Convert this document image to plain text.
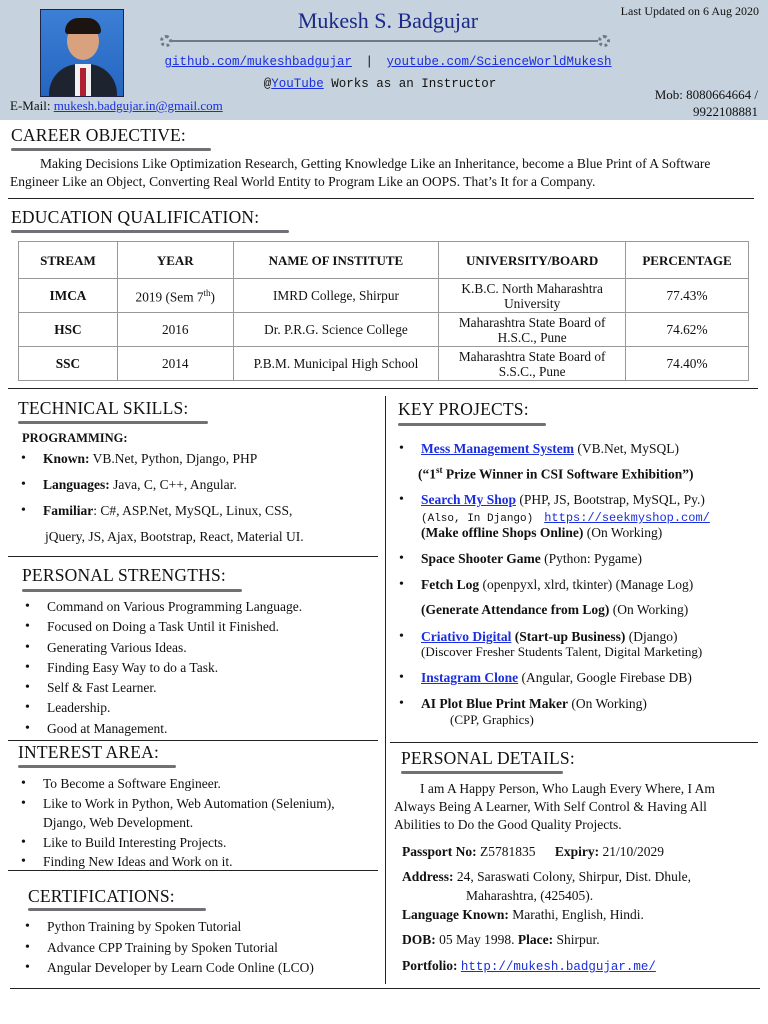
Mukesh S. Badgujar	Last Updated on 6 Aug 2020
github.com/mukeshbadgujar | youtube.com/ScienceWorldMukesh
@YouTube Works as an Instructor
Mob: 8080664664 /
9922108881
E-Mail: mukesh.badgujar.in@gmail.com
CAREER OBJECTIVE:
Making Decisions Like Optimization Research, Getting Knowledge Like an Inheritance, become a Blue Print of A Software Engineer Like an Object, Converting Real World Entity to Program Like an OOPS. That’s It for a Company.
EDUCATION QUALIFICATION:
STREAM	YEAR	NAME OF INSTITUTE	UNIVERSITY/BOARD	PERCENTAGE
IMCA	2019 (Sem 7th)	IMRD College, Shirpur	K.B.C. North Maharashtra University	77.43%
HSC	2016	Dr. P.R.G. Science College	Maharashtra State Board of H.S.C., Pune	74.62%
SSC	2014	P.B.M. Municipal High School	Maharashtra State Board of S.S.C., Pune	74.40%
TECHNICAL SKILLS:
PROGRAMMING:
• Known: VB.Net, Python, Django, PHP
• Languages: Java, C, C++, Angular.
• Familiar: C#, ASP.Net, MySQL, Linux, CSS,
jQuery, JS, Ajax, Bootstrap, React, Material UI.
PERSONAL STRENGTHS:
• Command on Various Programming Language.
• Focused on Doing a Task Until it Finished.
• Generating Various Ideas.
• Finding Easy Way to do a Task.
• Self & Fast Learner.
• Leadership.
• Good at Management.
INTEREST AREA:
• To Become a Software Engineer.
• Like to Work in Python, Web Automation (Selenium), Django, Web Development.
• Like to Build Interesting Projects.
• Finding New Ideas and Work on it.
CERTIFICATIONS:
• Python Training by Spoken Tutorial
• Advance CPP Training by Spoken Tutorial
• Angular Developer by Learn Code Online (LCO)
KEY PROJECTS:
• Mess Management System (VB.Net, MySQL)
(“1st Prize Winner in CSI Software Exhibition”)
• Search My Shop (PHP, JS, Bootstrap, MySQL, Py.)
(Also, In Django) https://seekmyshop.com/
(Make offline Shops Online) (On Working)
• Space Shooter Game (Python: Pygame)
• Fetch Log (openpyxl, xlrd, tkinter) (Manage Log)
(Generate Attendance from Log) (On Working)
• Criativo Digital (Start-up Business) (Django)
(Discover Fresher Students Talent, Digital Marketing)
• Instagram Clone (Angular, Google Firebase DB)
• AI Plot Blue Print Maker (On Working)
(CPP, Graphics)
PERSONAL DETAILS:
I am A Happy Person, Who Laugh Every Where, I Am Always Being A Learner, With Self Control & Having All Abilities to Do the Good Quality Projects.
Passport No: Z5781835 Expiry: 21/10/2029
Address: 24, Saraswati Colony, Shirpur, Dist. Dhule,
Maharashtra, (425405).
Language Known: Marathi, English, Hindi.
DOB: 05 May 1998. Place: Shirpur.
Portfolio: http://mukesh.badgujar.me/
